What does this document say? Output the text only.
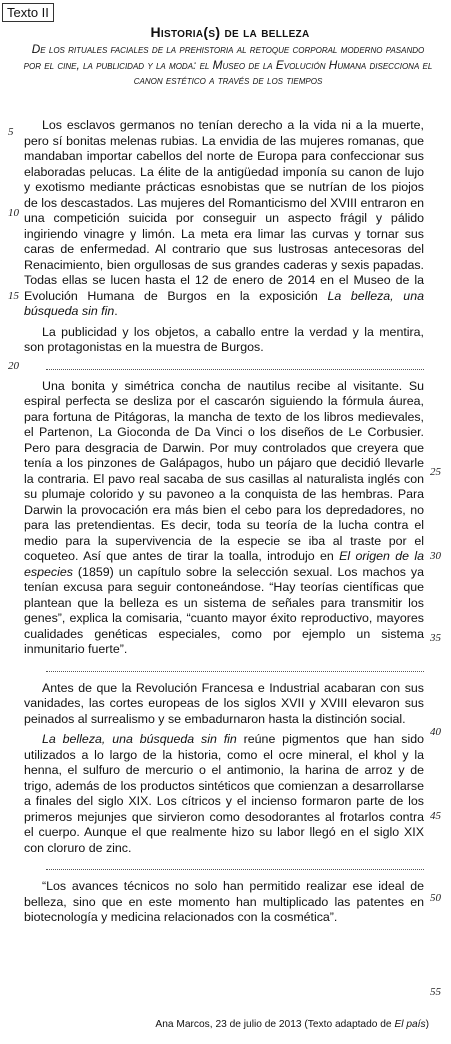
Texto II
Historia(s) de la belleza
De los rituales faciales de la prehistoria al retoque corporal moderno pasando por el cine, la publicidad y la moda: el Museo de la Evolución Humana disecciona el canon estético a través de los tiempos
5
10
15
20
25
30
35
40
45
50
55

Los esclavos germanos no tenían derecho a la vida ni a la muerte, pero sí bonitas melenas rubias. La envidia de las mujeres romanas, que mandaban importar cabellos del norte de Europa para confeccionar sus elaboradas pelucas. La élite de la antigüedad imponía su canon de lujo y exotismo mediante prácticas esnobistas que se nutrían de los piojos de los descastados. Las mujeres del Romanticismo del XVIII entraron en una competición suicida por conseguir un aspecto frágil y pálido ingiriendo vinagre y limón. La meta era limar las curvas y tornar sus caras de enfermedad. Al contrario que sus lustrosas antecesoras del Renacimiento, bien orgullosas de sus grandes caderas y sexis papadas. Todas ellas se lucen hasta el 12 de enero de 2014 en el Museo de la Evolución Humana de Burgos en la exposición La belleza, una búsqueda sin fin.

La publicidad y los objetos, a caballo entre la verdad y la mentira, son protagonistas en la muestra de Burgos.

Una bonita y simétrica concha de nautilus recibe al visitante. Su espiral perfecta se desliza por el cascarón siguiendo la fórmula áurea, para fortuna de Pitágoras, la mancha de texto de los libros medievales, el Partenon, La Gioconda de Da Vinci o los diseños de Le Corbusier. Pero para desgracia de Darwin. Por muy controlados que creyera que tenía a los pinzones de Galápagos, hubo un pájaro que decidió llevarle la contraria. El pavo real sacaba de sus casillas al naturalista inglés con su plumaje colorido y su pavoneo a la conquista de las hembras. Para Darwin la provocación era más bien el cebo para los depredadores, no para las pretendientas. Es decir, toda su teoría de la lucha contra el medio para la supervivencia de la especie se iba al traste por el coqueteo. Así que antes de tirar la toalla, introdujo en El origen de la especies (1859) un capítulo sobre la selección sexual. Los machos ya tenían excusa para seguir contoneándose. “Hay teorías científicas que plantean que la belleza es un sistema de señales para transmitir los genes”, explica la comisaria, “cuanto mayor éxito reproductivo, mayores cualidades genéticas especiales, como por ejemplo un sistema inmunitario fuerte”.

Antes de que la Revolución Francesa e Industrial acabaran con sus vanidades, las cortes europeas de los siglos XVII y XVIII elevaron sus peinados al surrealismo y se embadurnaron hasta la distinción social.

La belleza, una búsqueda sin fin reúne pigmentos que han sido utilizados a lo largo de la historia, como el ocre mineral, el khol y la henna, el sulfuro de mercurio o el antimonio, la harina de arroz y de trigo, además de los productos sintéticos que comienzan a desarrollarse a finales del siglo XIX. Los cítricos y el incienso formaron parte de los primeros mejunjes que sirvieron como desodorantes al frotarlos contra el cuerpo. Aunque el que realmente hizo su labor llegó en el siglo XIX con cloruro de zinc.

“Los avances técnicos no solo han permitido realizar ese ideal de belleza, sino que en este momento han multiplicado las patentes en biotecnología y medicina relacionados con la cosmética”.

Ana Marcos, 23 de julio de 2013 (Texto adaptado de El país)
